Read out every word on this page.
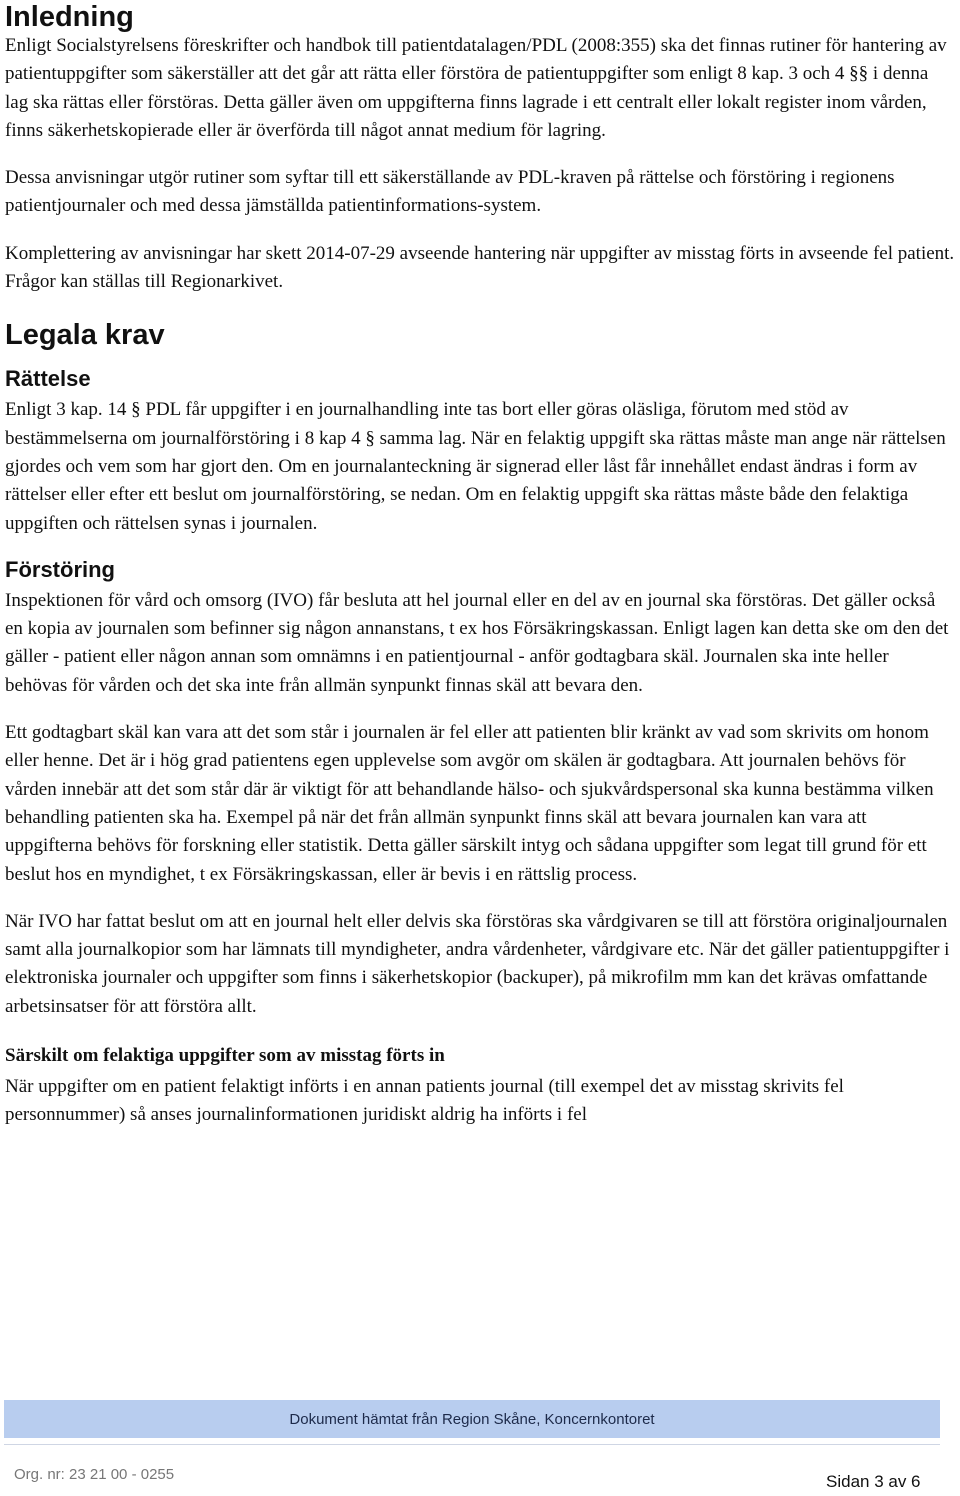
Inledning

Enligt Socialstyrelsens föreskrifter och handbok till patientdatalagen/PDL (2008:355) ska det finnas rutiner för hantering av patientuppgifter som säkerställer att det går att rätta eller förstöra de patientuppgifter som enligt 8 kap. 3 och 4 §§ i denna lag ska rättas eller förstöras. Detta gäller även om uppgifterna finns lagrade i ett centralt eller lokalt register inom vården, finns säkerhetskopierade eller är överförda till något annat medium för lagring.

Dessa anvisningar utgör rutiner som syftar till ett säkerställande av PDL-kraven på rättelse och förstöring i regionens patientjournaler och med dessa jämställda patientinformations-system.

Komplettering av anvisningar har skett 2014-07-29 avseende hantering när uppgifter av misstag förts in avseende fel patient. Frågor kan ställas till Regionarkivet.

Legala krav
Rättelse

Enligt 3 kap. 14 § PDL får uppgifter i en journalhandling inte tas bort eller göras oläsliga, förutom med stöd av bestämmelserna om journalförstöring i 8 kap 4 § samma lag. När en felaktig uppgift ska rättas måste man ange när rättelsen gjordes och vem som har gjort den. Om en journalanteckning är signerad eller låst får innehållet endast ändras i form av rättelser eller efter ett beslut om journalförstöring, se nedan. Om en felaktig uppgift ska rättas måste både den felaktiga uppgiften och rättelsen synas i journalen.

Förstöring

Inspektionen för vård och omsorg (IVO) får besluta att hel journal eller en del av en journal ska förstöras. Det gäller också en kopia av journalen som befinner sig någon annanstans, t ex hos Försäkringskassan. Enligt lagen kan detta ske om den det gäller - patient eller någon annan som omnämns i en patientjournal - anför godtagbara skäl. Journalen ska inte heller behövas för vården och det ska inte från allmän synpunkt finnas skäl att bevara den.

Ett godtagbart skäl kan vara att det som står i journalen är fel eller att patienten blir kränkt av vad som skrivits om honom eller henne. Det är i hög grad patientens egen upplevelse som avgör om skälen är godtagbara. Att journalen behövs för vården innebär att det som står där är viktigt för att behandlande hälso- och sjukvårdspersonal ska kunna bestämma vilken behandling patienten ska ha. Exempel på när det från allmän synpunkt finns skäl att bevara journalen kan vara att uppgifterna behövs för forskning eller statistik. Detta gäller särskilt intyg och sådana uppgifter som legat till grund för ett beslut hos en myndighet, t ex Försäkringskassan, eller är bevis i en rättslig process.

När IVO har fattat beslut om att en journal helt eller delvis ska förstöras ska vårdgivaren se till att förstöra originaljournalen samt alla journalkopior som har lämnats till myndigheter, andra vårdenheter, vårdgivare etc. När det gäller patientuppgifter i elektroniska journaler och uppgifter som finns i säkerhetskopior (backuper), på mikrofilm mm kan det krävas omfattande arbetsinsatser för att förstöra allt.

Särskilt om felaktiga uppgifter som av misstag förts in

När uppgifter om en patient felaktigt införts i en annan patients journal (till exempel det av misstag skrivits fel personnummer) så anses journalinformationen juridiskt aldrig ha införts i fel

Dokument hämtat från Region Skåne, Koncernkontoret
Org. nr: 23 21 00 - 0255	Sidan 3 av 6
